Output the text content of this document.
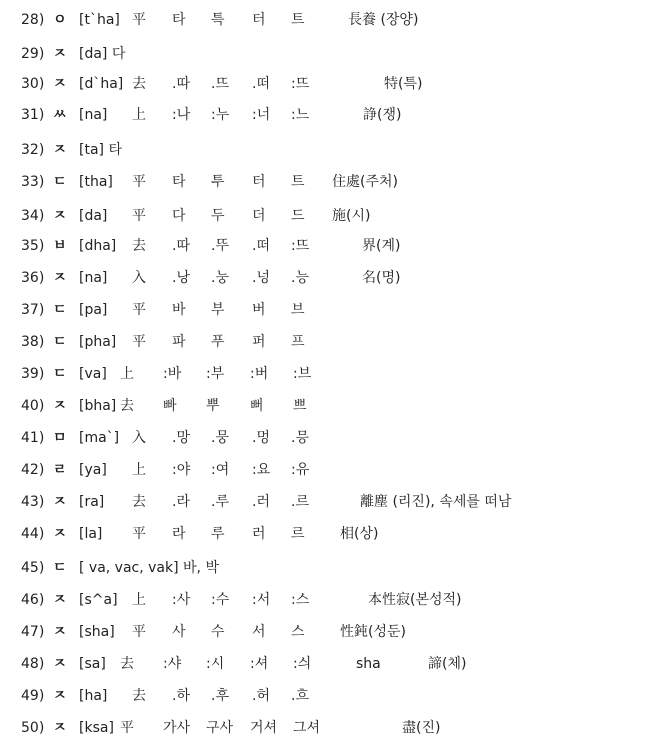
28) ㅇ [t`ha] 平 타 특 터 트	長養 (장양)
29) ㅈ [da] 다
30) ㅈ [d`ha] 去 .따 .뜨 .떠 :뜨	特(특)
31) ㅆ [na] 上 :나 :누 :너 :느	諍(쟁)
32) ㅈ [ta] 타
33) ㄷ [tha] 平 타 투 터 트 住處(주처)
34) ㅈ [da] 平 다 두 더 드 施(시)
35) ㅂ [dha] 去 .따 .뚜 .떠 :뜨	界(계)
36) ㅈ [na] 入 .낭 .눙 .넝 .능	名(명)
37) ㄷ [pa] 平 바 부 버 브
38) ㄷ [pha] 平 파 푸 퍼 프
39) ㄷ [va] 上 :바 :부 :버 :브
40) ㅈ [bha] 去 빠 뿌 뻐 쁘
41) ㅁ [ma`] 入 .망 .뭉 .멍 .믕
42) ㄹ [ya] 上 :야 :여 :요 :유
43) ㅈ [ra] 去 .라 .루 .러 .르	離塵 (리진), 속세를 떠남
44) ㅈ [la] 平 라 루 러 르	相(상)
45) ㄷ [ va, vac, vak] 바, 박
46) ㅈ [s^a] 上 :사 :수 :서 :스	本性寂(본성적)
47) ㅈ [sha] 平 사 수 서 스	性鈍(성둔)
48) ㅈ [sa] 去 :샤 :시 :셔 :싀	sha	諦(체)
49) ㅈ [ha] 去 .하 .후 .허 .흐
50) ㅈ [ksa] 平 가사 구사 거셔 그셔	盡(진)
